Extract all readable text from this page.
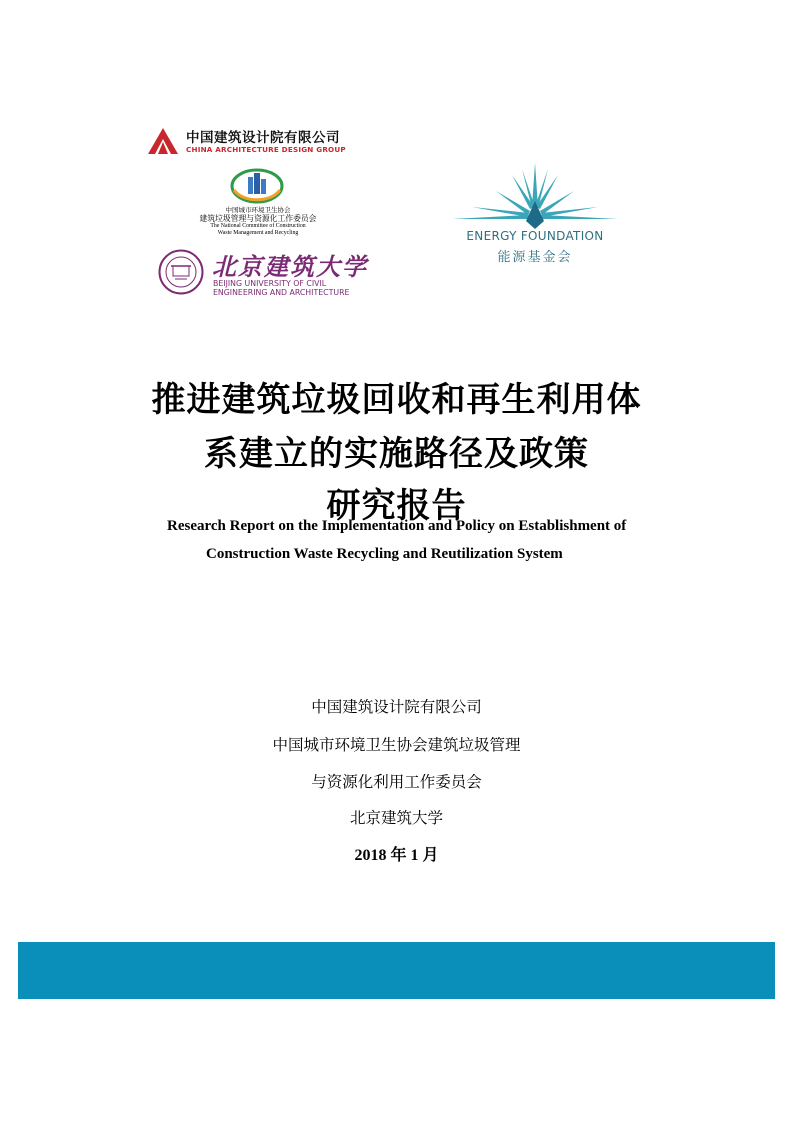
中国建筑设计院有限公司
CHINA ARCHITECTURE DESIGN GROUP
中国城市环境卫生协会
建筑垃圾管理与资源化工作委员会
The National Committee of Construction
Waste Management and Recycling
北京建筑大学
BEIJING UNIVERSITY OF CIVIL
ENGINEERING AND ARCHITECTURE
ENERGY FOUNDATION
能源基金会
推进建筑垃圾回收和再生利用体
系建立的实施路径及政策
研究报告
Research Report on the Implementation and Policy on Establishment of
Construction Waste Recycling and Reutilization System
中国建筑设计院有限公司
中国城市环境卫生协会建筑垃圾管理
与资源化利用工作委员会
北京建筑大学
2018 年 1 月
